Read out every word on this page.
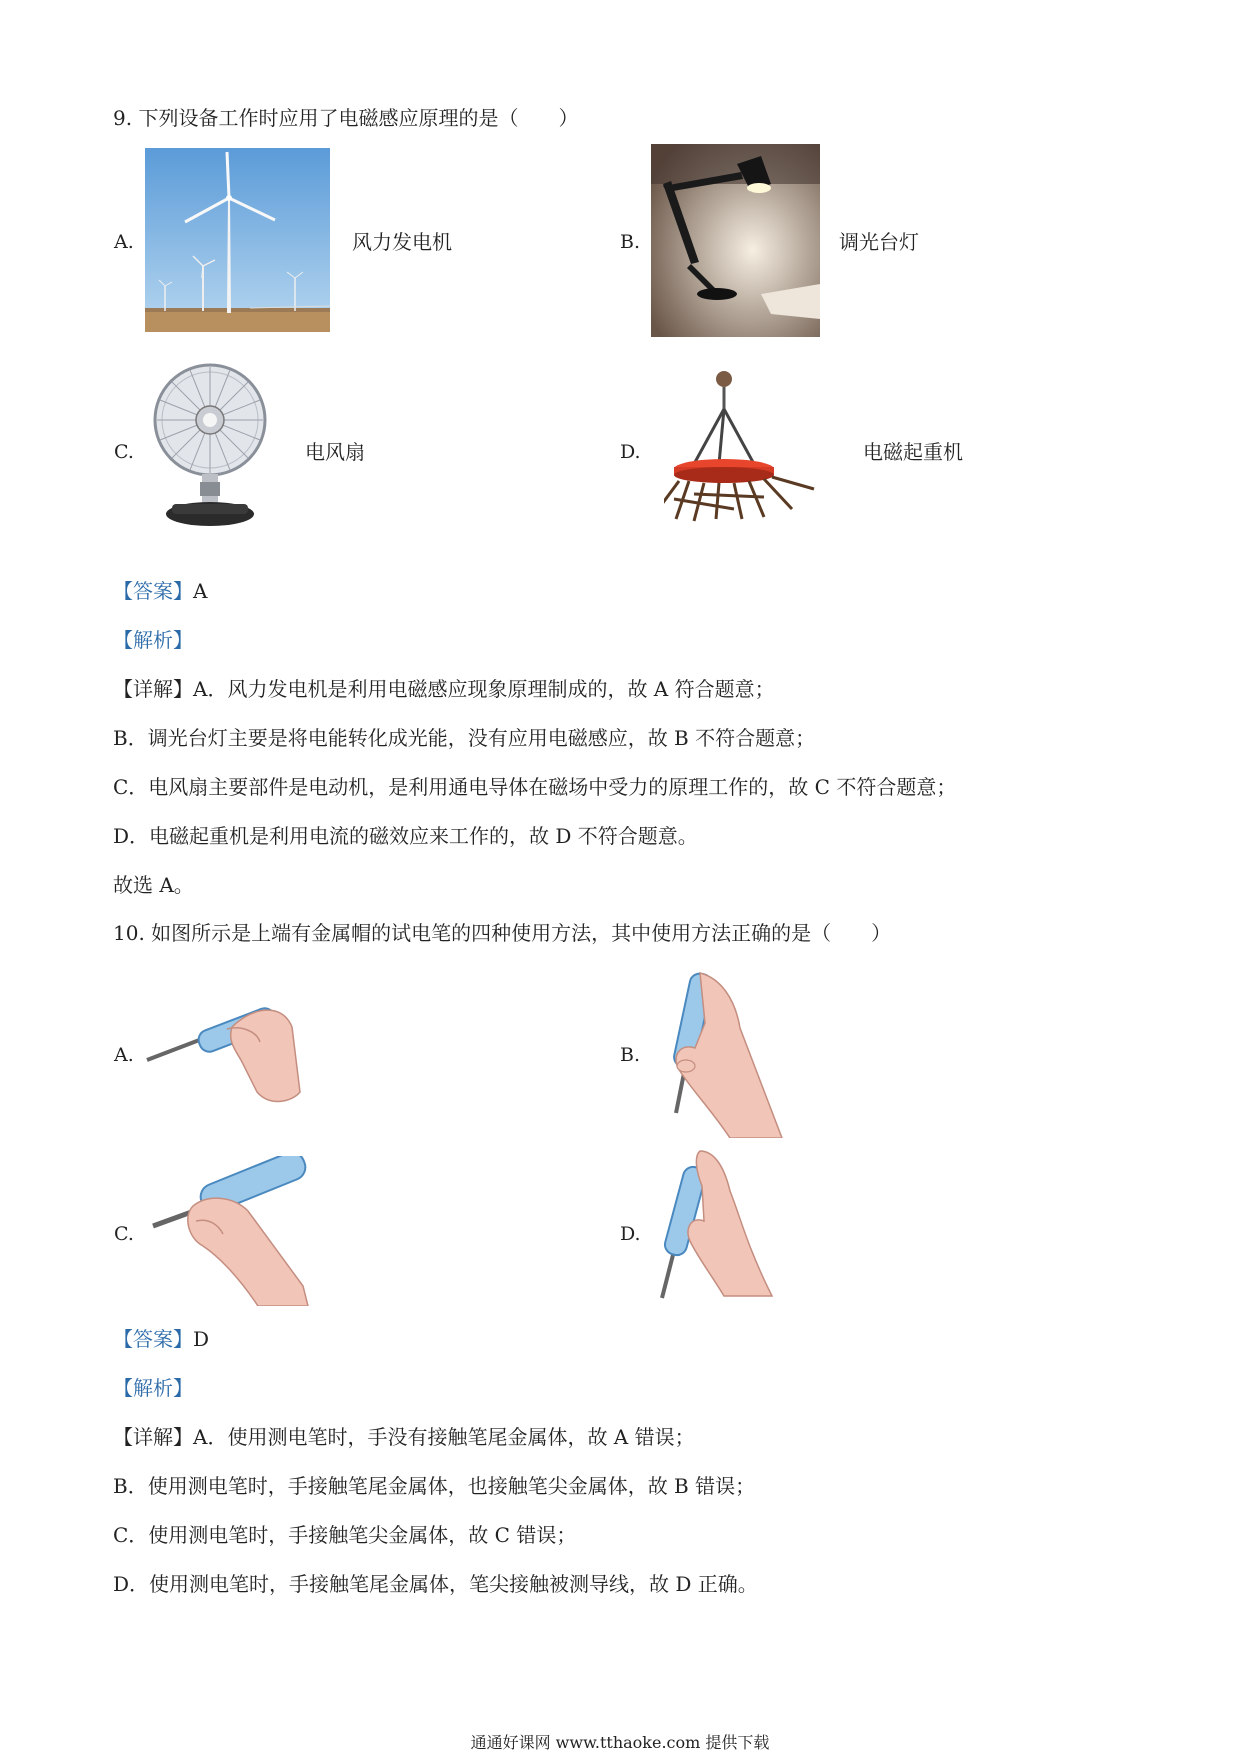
9. 下列设备工作时应用了电磁感应原理的是（　　）
A.	风力发电机	B.	调光台灯
C.	电风扇	D.	电磁起重机
【答案】A
【解析】
【详解】A．风力发电机是利用电磁感应现象原理制成的，故 A 符合题意；
B．调光台灯主要是将电能转化成光能，没有应用电磁感应，故 B 不符合题意；
C．电风扇主要部件是电动机，是利用通电导体在磁场中受力的原理工作的，故 C 不符合题意；
D．电磁起重机是利用电流的磁效应来工作的，故 D 不符合题意。
故选 A。
10. 如图所示是上端有金属帽的试电笔的四种使用方法，其中使用方法正确的是（　　）
A.	B.
C.	D.
【答案】D
【解析】
【详解】A．使用测电笔时，手没有接触笔尾金属体，故 A 错误；
B．使用测电笔时，手接触笔尾金属体，也接触笔尖金属体，故 B 错误；
C．使用测电笔时，手接触笔尖金属体，故 C 错误；
D．使用测电笔时，手接触笔尾金属体，笔尖接触被测导线，故 D 正确。
通通好课网 www.tthaoke.com 提供下载
